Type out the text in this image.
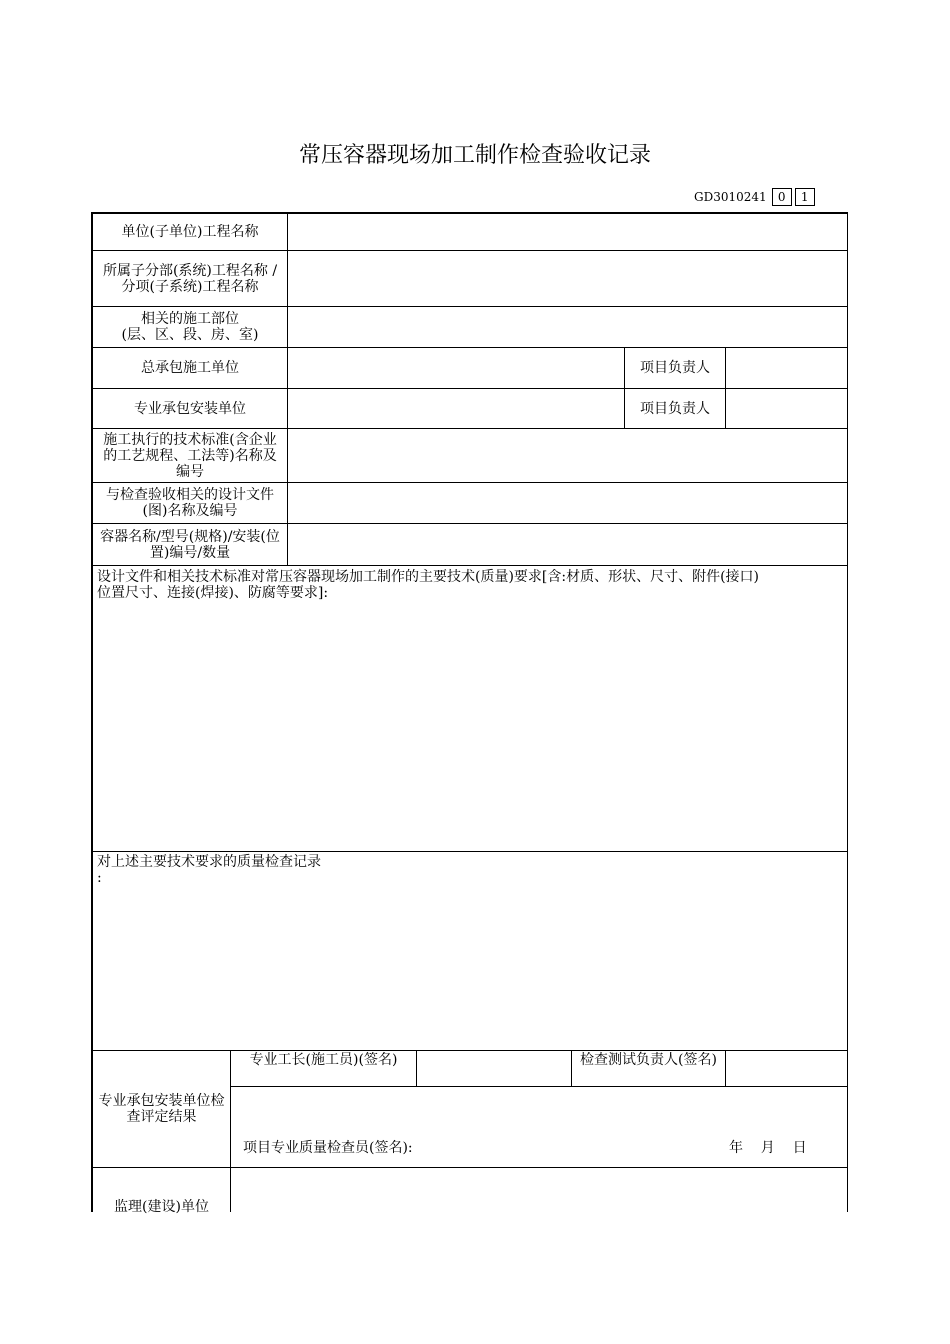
常压容器现场加工制作检查验收记录
GD3010241 0	1
单位(子单位)工程名称
所属子分部(系统)工程名称 /分项(子系统)工程名称
相关的施工部位
(层、区、段、房、室)
总承包施工单位	项目负责人
专业承包安装单位	项目负责人
施工执行的技术标准(含企业的工艺规程、工法等)名称及编号
与检查验收相关的设计文件(图)名称及编号
容器名称/型号(规格)/安装(位置)编号/数量
设计文件和相关技术标准对常压容器现场加工制作的主要技术(质量)要求[含:材质、形状、尺寸、附件(接口)
位置尺寸、连接(焊接)、防腐等要求]:
对上述主要技术要求的质量检查记录
:
专业承包安装单位检查评定结果
专业工长(施工员)(签名)	检查测试负责人(签名)
项目专业质量检查员(签名):	年    月    日
监理(建设)单位
